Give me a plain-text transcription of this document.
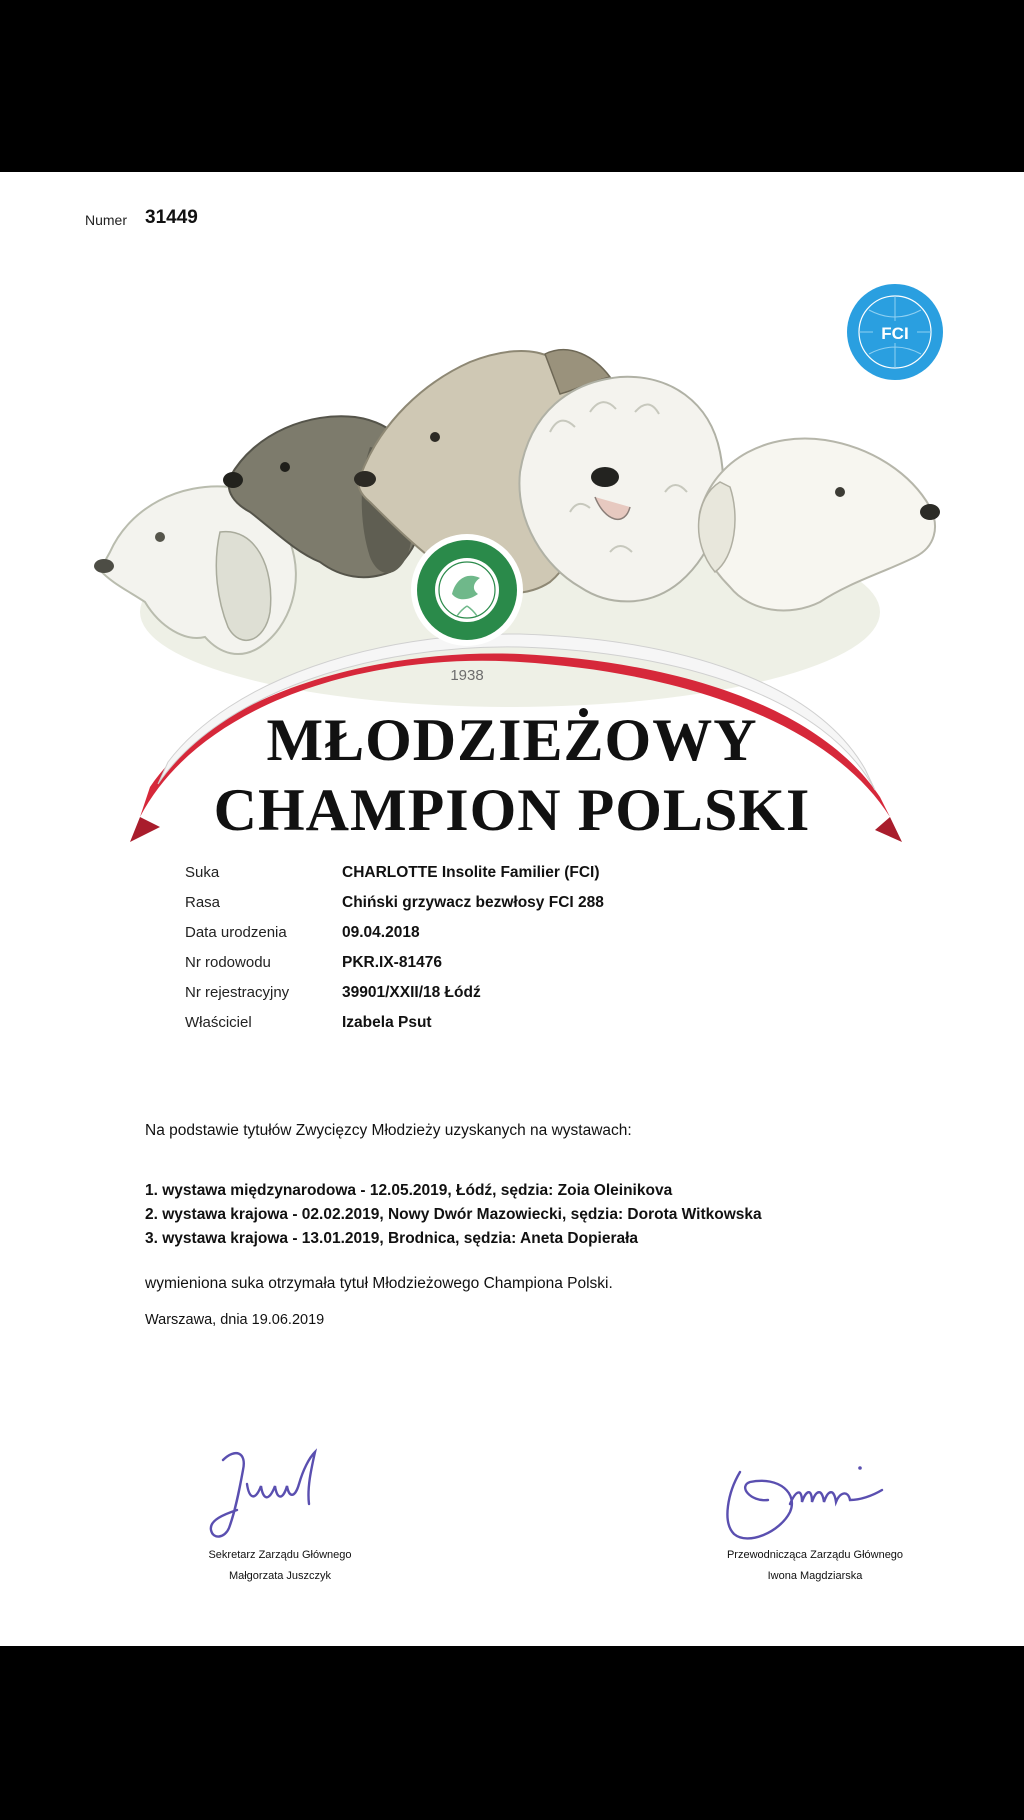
Numer 31449
FCI
1938
MŁODZIEŻOWY
CHAMPION POLSKI
Suka	CHARLOTTE Insolite Familier (FCI)
Rasa	Chiński grzywacz bezwłosy FCI 288
Data urodzenia	09.04.2018
Nr rodowodu	PKR.IX-81476
Nr rejestracyjny	39901/XXII/18 Łódź
Właściciel	Izabela Psut
Na podstawie tytułów Zwycięzcy Młodzieży uzyskanych na wystawach:
1. wystawa międzynarodowa - 12.05.2019, Łódź, sędzia: Zoia Oleinikova
2. wystawa krajowa - 02.02.2019, Nowy Dwór Mazowiecki, sędzia: Dorota Witkowska
3. wystawa krajowa - 13.01.2019, Brodnica, sędzia: Aneta Dopierała
wymieniona suka otrzymała tytuł Młodzieżowego Championa Polski.
Warszawa, dnia 19.06.2019
Sekretarz Zarządu Głównego
Małgorzata Juszczyk
Przewodnicząca Zarządu Głównego
Iwona Magdziarska
